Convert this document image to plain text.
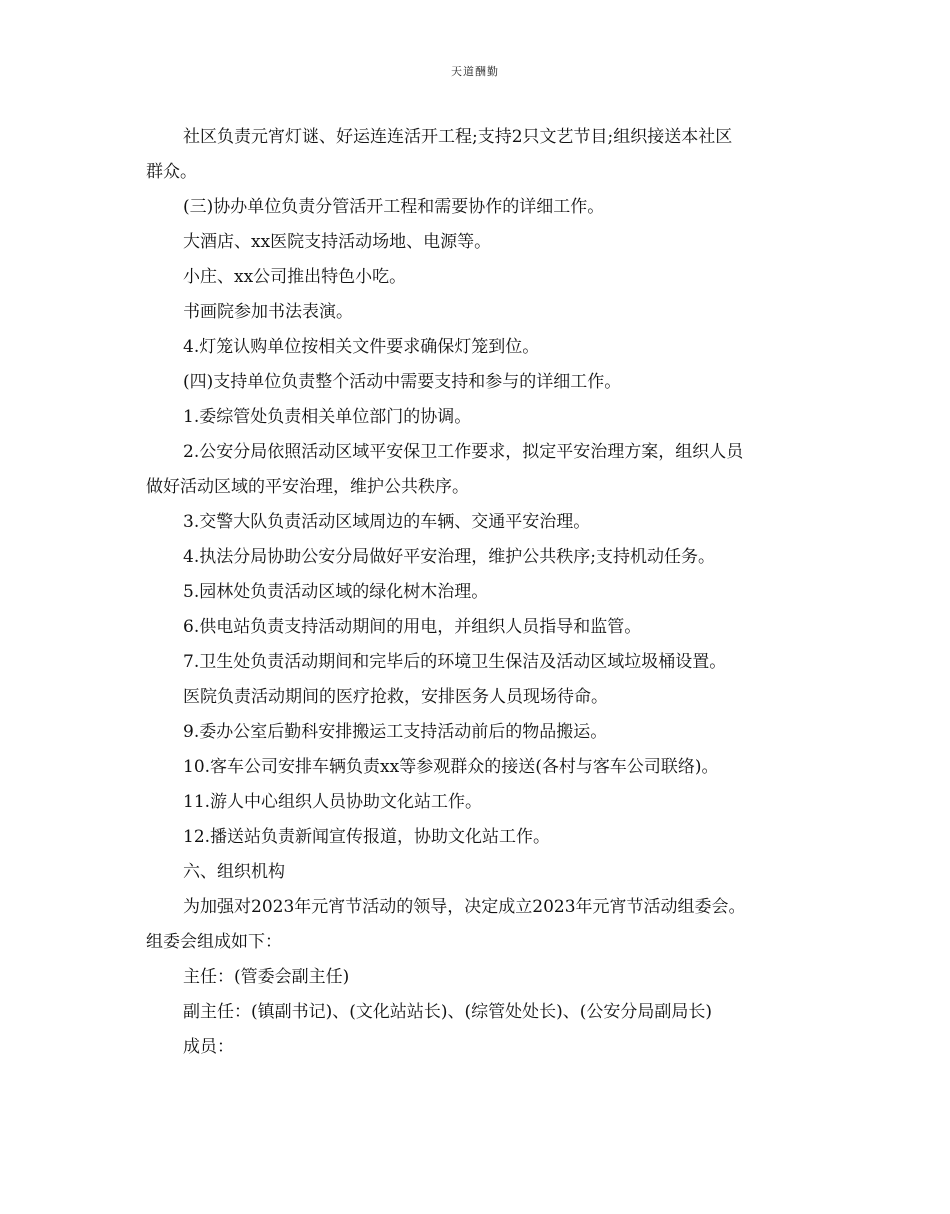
天道酬勤
社区负责元宵灯谜、好运连连活开工程;支持2只文艺节目;组织接送本社区
群众。
(三)协办单位负责分管活开工程和需要协作的详细工作。
大酒店、xx医院支持活动场地、电源等。
小庄、xx公司推出特色小吃。
书画院参加书法表演。
4.灯笼认购单位按相关文件要求确保灯笼到位。
(四)支持单位负责整个活动中需要支持和参与的详细工作。
1.委综管处负责相关单位部门的协调。
2.公安分局依照活动区域平安保卫工作要求，拟定平安治理方案，组织人员
做好活动区域的平安治理，维护公共秩序。
3.交警大队负责活动区域周边的车辆、交通平安治理。
4.执法分局协助公安分局做好平安治理，维护公共秩序;支持机动任务。
5.园林处负责活动区域的绿化树木治理。
6.供电站负责支持活动期间的用电，并组织人员指导和监管。
7.卫生处负责活动期间和完毕后的环境卫生保洁及活动区域垃圾桶设置。
医院负责活动期间的医疗抢救，安排医务人员现场待命。
9.委办公室后勤科安排搬运工支持活动前后的物品搬运。
10.客车公司安排车辆负责xx等参观群众的接送(各村与客车公司联络)。
11.游人中心组织人员协助文化站工作。
12.播送站负责新闻宣传报道，协助文化站工作。
六、组织机构
为加强对2023年元宵节活动的领导，决定成立2023年元宵节活动组委会。
组委会组成如下：
主任：(管委会副主任)
副主任：(镇副书记)、(文化站站长)、(综管处处长)、(公安分局副局长)
成员：
